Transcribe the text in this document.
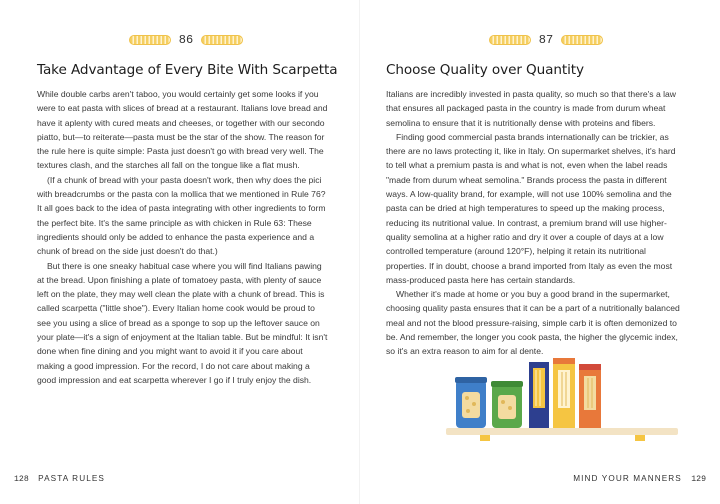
86
Take Advantage of Every Bite With Scarpetta

While double carbs aren't taboo, you would certainly get some looks if you were to eat pasta with slices of bread at a restaurant. Italians love bread and have it aplenty with cured meats and cheeses, or together with our secondo piatto, but—to reiterate—pasta must be the star of the show. The reason for the rule here is quite simple: Pasta just doesn't go with bread very well. The textures clash, and the starches all fall on the tongue like a flat mush.

(If a chunk of bread with your pasta doesn't work, then why does the pici with breadcrumbs or the pasta con la mollica that we mentioned in Rule 76? It all goes back to the idea of pasta integrating with other ingredients to form the perfect bite. It's the same principle as with chicken in Rule 63: These ingredients should only be added to enhance the pasta experience and a chunk of bread on the side just doesn't do that.)

But there is one sneaky habitual case where you will find Italians pawing at the bread. Upon finishing a plate of tomatoey pasta, with plenty of sauce left on the plate, they may well clean the plate with a chunk of bread. This is called scarpetta ("little shoe"). Every Italian home cook would be proud to see you using a slice of bread as a sponge to sop up the leftover sauce on your plate—it's a sign of enjoyment at the Italian table. But be mindful: It isn't done when fine dining and you might want to avoid it if you care about making a good impression. For the record, I do not care about making a good impression and eat scarpetta wherever I go if I truly enjoy the dish.

128 PASTA RULES
87
Choose Quality over Quantity

Italians are incredibly invested in pasta quality, so much so that there's a law that ensures all packaged pasta in the country is made from durum wheat semolina to ensure that it is nutritionally dense with proteins and fibers.

Finding good commercial pasta brands internationally can be trickier, as there are no laws protecting it, like in Italy. On supermarket shelves, it's hard to tell what a premium pasta is and what is not, even when the label reads "made from durum wheat semolina." Brands process the pasta in different ways. A low-quality brand, for example, will not use 100% semolina and the pasta can be dried at high temperatures to speed up the making process, reducing its nutritional value. In contrast, a premium brand will use higher-quality semolina at a higher ratio and dry it over a couple of days at a low controlled temperature (around 120°F), helping it retain its nutritional properties. If in doubt, choose a brand imported from Italy as even the most mass-produced pasta here has certain standards.

Whether it's made at home or you buy a good brand in the supermarket, choosing quality pasta ensures that it can be a part of a nutritionally balanced meal and not the blood pressure-raising, simple carb it is often demonized to be. And remember, the longer you cook pasta, the higher the glycemic index, so it's an extra reason to aim for al dente.

MIND YOUR MANNERS 129
